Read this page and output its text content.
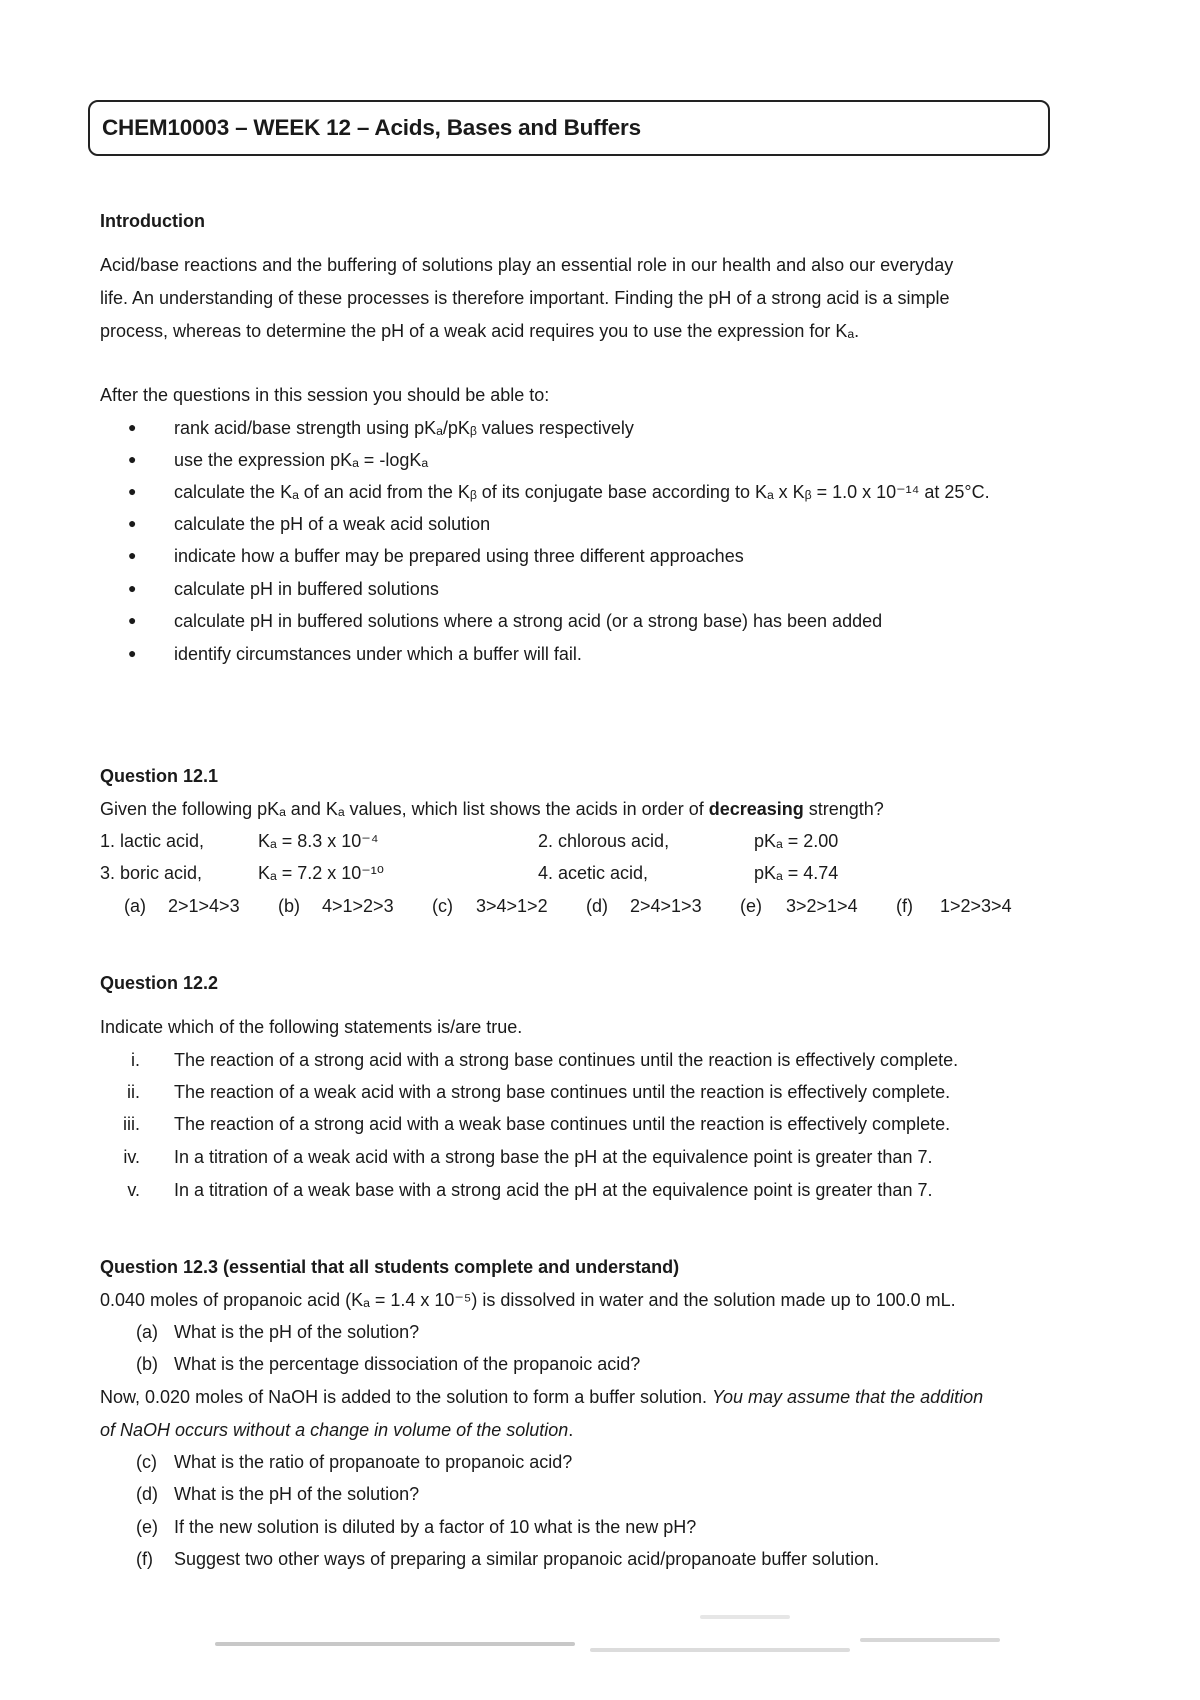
CHEM10003 – WEEK 12 – Acids, Bases and Buffers
Introduction
Acid/base reactions and the buffering of solutions play an essential role in our health and also our everyday
life. An understanding of these processes is therefore important. Finding the pH of a strong acid is a simple
process, whereas to determine the pH of a weak acid requires you to use the expression for Kₐ.
After the questions in this session you should be able to:
● rank acid/base strength using pKₐ/pKᵦ values respectively
● use the expression pKₐ = -logKₐ
● calculate the Kₐ of an acid from the Kᵦ of its conjugate base according to Kₐ x Kᵦ = 1.0 x 10⁻¹⁴ at 25°C.
● calculate the pH of a weak acid solution
● indicate how a buffer may be prepared using three different approaches
● calculate pH in buffered solutions
● calculate pH in buffered solutions where a strong acid (or a strong base) has been added
● identify circumstances under which a buffer will fail.
Question 12.1
Given the following pKₐ and Kₐ values, which list shows the acids in order of decreasing strength?
1. lactic acid,	Kₐ = 8.3 x 10⁻⁴	2. chlorous acid,	pKₐ = 2.00
3. boric acid,	Kₐ = 7.2 x 10⁻¹⁰	4. acetic acid,	pKₐ = 4.74
(a) 2>1>4>3 (b) 4>1>2>3 (c) 3>4>1>2 (d) 2>4>1>3 (e) 3>2>1>4 (f) 1>2>3>4
Question 12.2
Indicate which of the following statements is/are true.
i. The reaction of a strong acid with a strong base continues until the reaction is effectively complete.
ii. The reaction of a weak acid with a strong base continues until the reaction is effectively complete.
iii. The reaction of a strong acid with a weak base continues until the reaction is effectively complete.
iv. In a titration of a weak acid with a strong base the pH at the equivalence point is greater than 7.
v. In a titration of a weak base with a strong acid the pH at the equivalence point is greater than 7.
Question 12.3 (essential that all students complete and understand)
0.040 moles of propanoic acid (Kₐ = 1.4 x 10⁻⁵) is dissolved in water and the solution made up to 100.0 mL.
(a) What is the pH of the solution?
(b) What is the percentage dissociation of the propanoic acid?
Now, 0.020 moles of NaOH is added to the solution to form a buffer solution. You may assume that the addition
of NaOH occurs without a change in volume of the solution.
(c) What is the ratio of propanoate to propanoic acid?
(d) What is the pH of the solution?
(e) If the new solution is diluted by a factor of 10 what is the new pH?
(f) Suggest two other ways of preparing a similar propanoic acid/propanoate buffer solution.
